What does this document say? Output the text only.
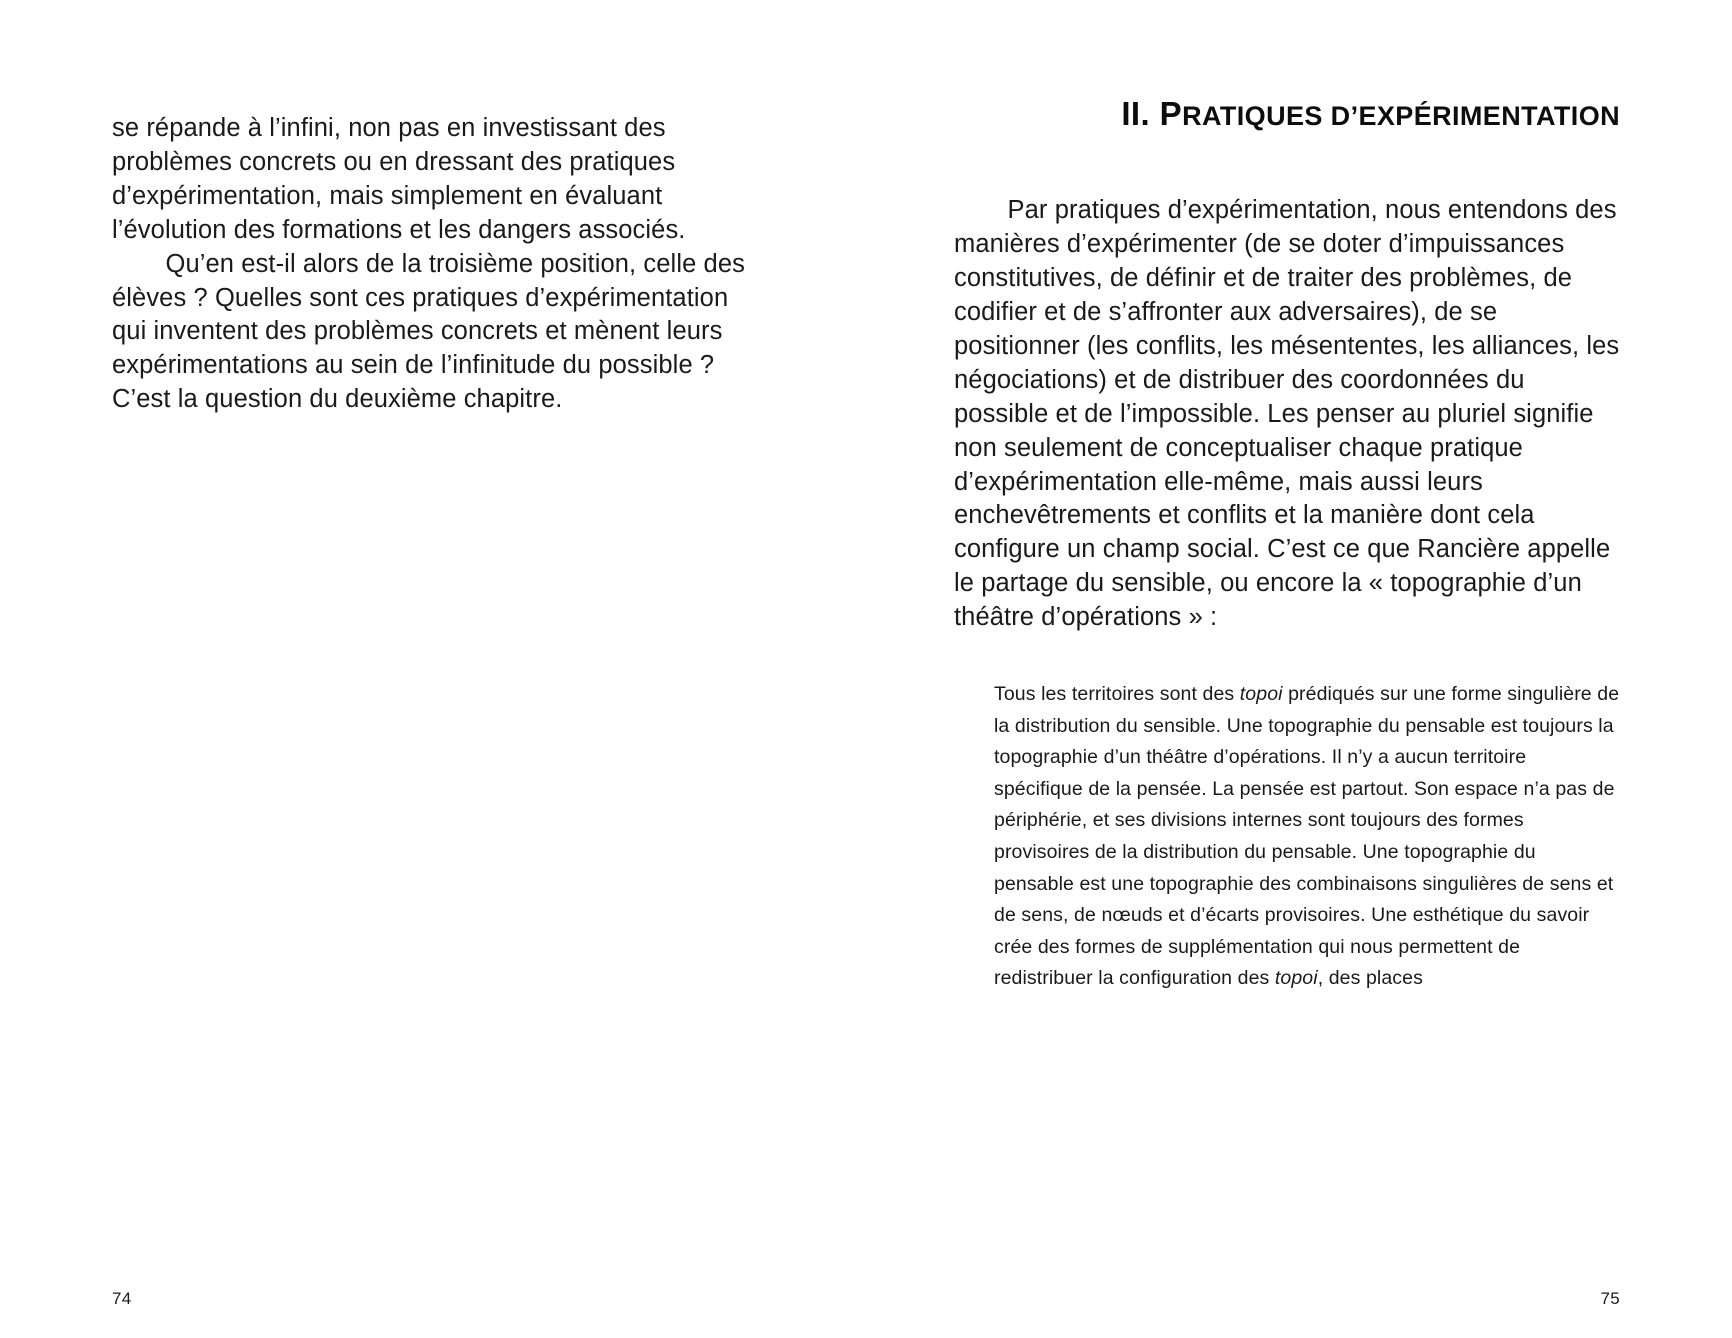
se répande à l’infini, non pas en investissant des problèmes concrets ou en dressant des pratiques d’expérimentation, mais simplement en évaluant l’évolution des formations et les dangers associés.

Qu’en est-il alors de la troisième position, celle des élèves ? Quelles sont ces pratiques d’expérimentation qui inventent des problèmes concrets et mènent leurs expérimentations au sein de l’infinitude du possible ? C’est la question du deuxième chapitre.

74
II. PRATIQUES D’EXPÉRIMENTATION

Par pratiques d’expérimentation, nous entendons des manières d’expérimenter (de se doter d’impuissances constitutives, de définir et de traiter des problèmes, de codifier et de s’affronter aux adversaires), de se positionner (les conflits, les mésententes, les alliances, les négociations) et de distribuer des coordonnées du possible et de l’impossible. Les penser au pluriel signifie non seulement de conceptualiser chaque pratique d’expérimentation elle-même, mais aussi leurs enchevêtrements et conflits et la manière dont cela configure un champ social. C’est ce que Rancière appelle le partage du sensible, ou encore la « topographie d’un théâtre d’opérations » :

Tous les territoires sont des topoi prédiqués sur une forme singulière de la distribution du sensible. Une topographie du pensable est toujours la topographie d’un théâtre d’opérations. Il n’y a aucun territoire spécifique de la pensée. La pensée est partout. Son espace n’a pas de périphérie, et ses divisions internes sont toujours des formes provisoires de la distribution du pensable. Une topographie du pensable est une topographie des combinaisons singulières de sens et de sens, de nœuds et d’écarts provisoires. Une esthétique du savoir crée des formes de supplémentation qui nous permettent de redistribuer la configuration des topoi, des places

75
